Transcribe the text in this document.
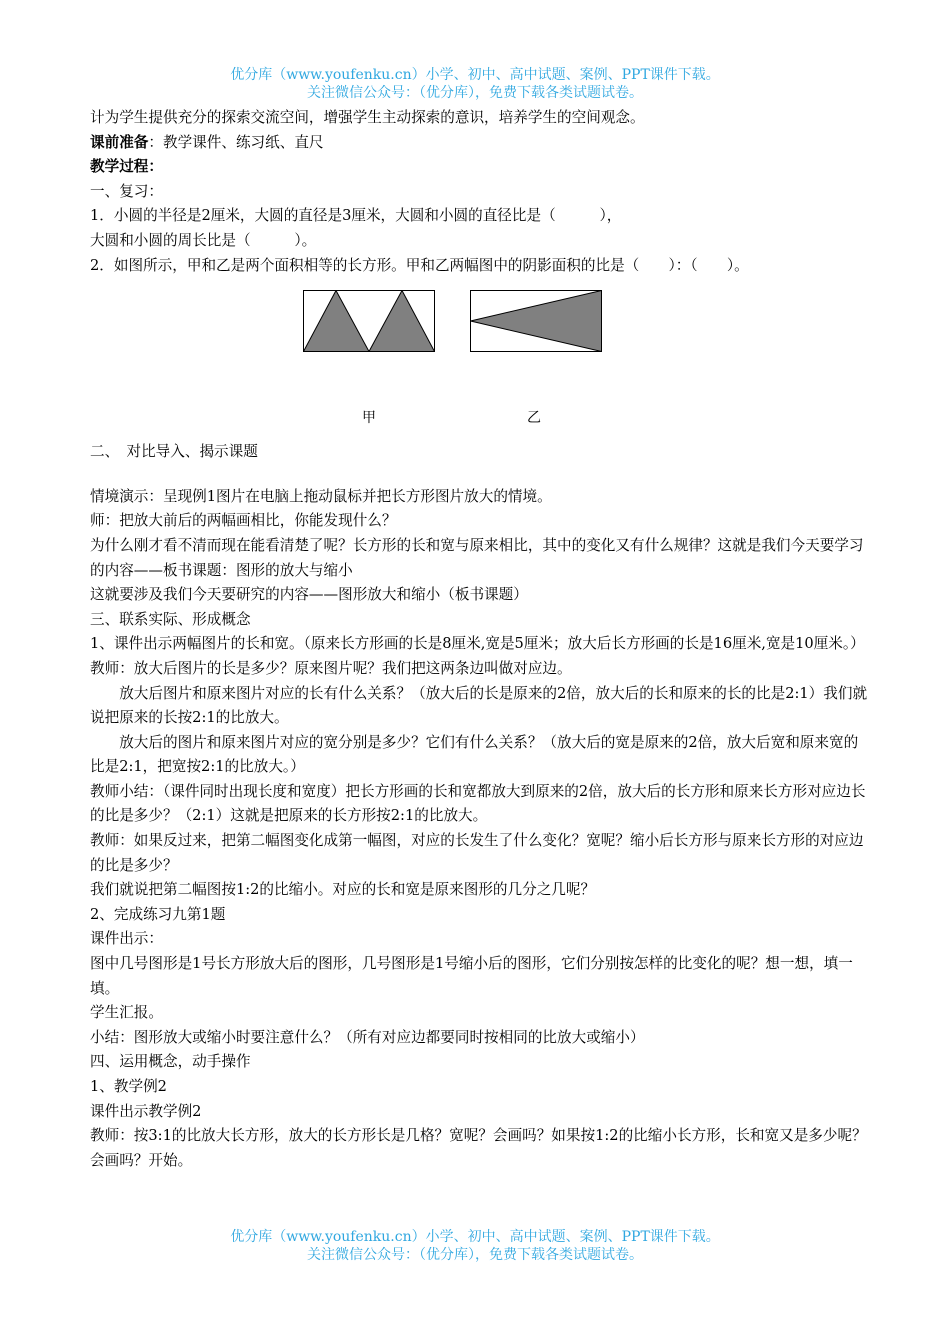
优分库（www.youfenku.cn）小学、初中、高中试题、案例、PPT课件下载。
关注微信公众号：（优分库），免费下载各类试题试卷。

计为学生提供充分的探索交流空间，增强学生主动探索的意识，培养学生的空间观念。

课前准备：教学课件、练习纸、直尺

教学过程：

一、复习：

1．小圆的半径是2厘米，大圆的直径是3厘米，大圆和小圆的直径比是（　　　），

大圆和小圆的周长比是（　　　）。

2．如图所示，甲和乙是两个面积相等的长方形。甲和乙两幅图中的阴影面积的比是（　　）：（　　）。

甲	乙

二、　对比导入、揭示课题

情境演示：呈现例1图片在电脑上拖动鼠标并把长方形图片放大的情境。

师：把放大前后的两幅画相比，你能发现什么？

为什么刚才看不清而现在能看清楚了呢？长方形的长和宽与原来相比，其中的变化又有什么规律？这就是我们今天要学习的内容——板书课题：图形的放大与缩小

这就要涉及我们今天要研究的内容——图形放大和缩小（板书课题）

三、联系实际、形成概念

1、课件出示两幅图片的长和宽。（原来长方形画的长是8厘米,宽是5厘米；放大后长方形画的长是16厘米,宽是10厘米。）

教师：放大后图片的长是多少？原来图片呢？我们把这两条边叫做对应边。

放大后图片和原来图片对应的长有什么关系？（放大后的长是原来的2倍，放大后的长和原来的长的比是2:1）我们就说把原来的长按2:1的比放大。

放大后的图片和原来图片对应的宽分别是多少？它们有什么关系？（放大后的宽是原来的2倍，放大后宽和原来宽的比是2:1，把宽按2:1的比放大。）

教师小结：（课件同时出现长度和宽度）把长方形画的长和宽都放大到原来的2倍，放大后的长方形和原来长方形对应边长的比是多少？（2:1）这就是把原来的长方形按2:1的比放大。

教师：如果反过来，把第二幅图变化成第一幅图，对应的长发生了什么变化？宽呢？缩小后长方形与原来长方形的对应边的比是多少？

我们就说把第二幅图按1:2的比缩小。对应的长和宽是原来图形的几分之几呢？

2、完成练习九第1题

课件出示：

图中几号图形是1号长方形放大后的图形，几号图形是1号缩小后的图形，它们分别按怎样的比变化的呢？想一想，填一填。

学生汇报。

小结：图形放大或缩小时要注意什么？（所有对应边都要同时按相同的比放大或缩小）

四、运用概念，动手操作

1、教学例2

课件出示教学例2

教师：按3:1的比放大长方形，放大的长方形长是几格？宽呢？会画吗？如果按1:2的比缩小长方形，长和宽又是多少呢？会画吗？开始。

优分库（www.youfenku.cn）小学、初中、高中试题、案例、PPT课件下载。
关注微信公众号：（优分库），免费下载各类试题试卷。
